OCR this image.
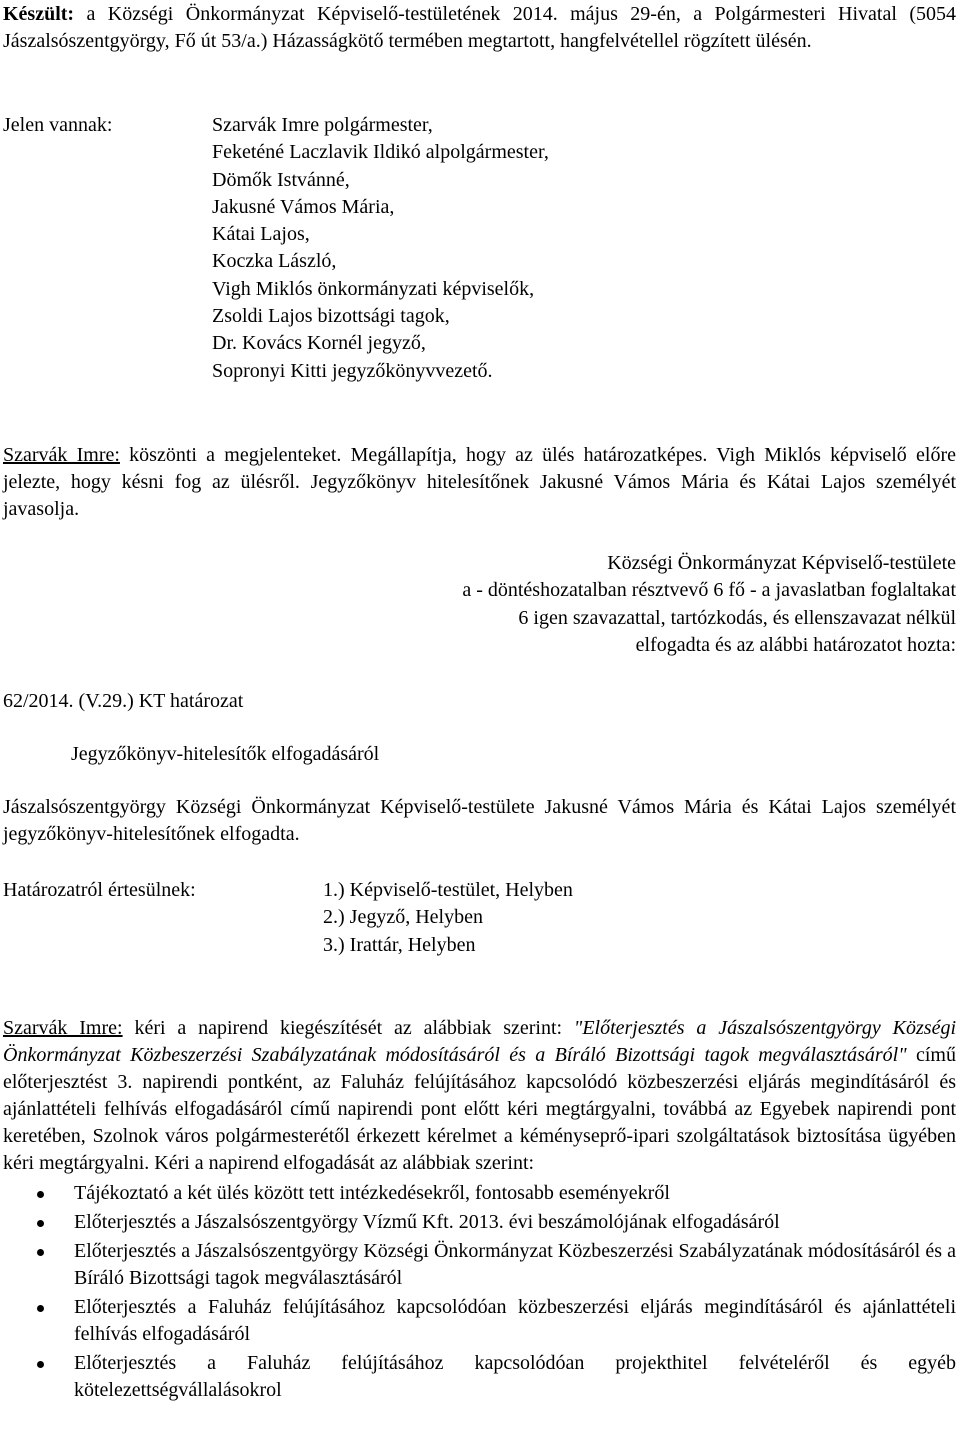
Készült: a Községi Önkormányzat Képviselő-testületének 2014. május 29-én, a Polgármesteri Hivatal (5054 Jászalsószentgyörgy, Fő út 53/a.) Házasságkötő termében megtartott, hangfelvétellel rögzített ülésén.

Jelen vannak:	Szarvák Imre polgármester,
Feketéné Laczlavik Ildikó alpolgármester,
Dömők Istvánné,
Jakusné Vámos Mária,
Kátai Lajos,
Koczka László,
Vigh Miklós önkormányzati képviselők,
Zsoldi Lajos bizottsági tagok,
Dr. Kovács Kornél jegyző,
Sopronyi Kitti jegyzőkönyvvezető.

Szarvák Imre: köszönti a megjelenteket. Megállapítja, hogy az ülés határozatképes. Vigh Miklós képviselő előre jelezte, hogy késni fog az ülésről. Jegyzőkönyv hitelesítőnek Jakusné Vámos Mária és Kátai Lajos személyét javasolja.

Községi Önkormányzat Képviselő-testülete
a - döntéshozatalban résztvevő 6 fő - a javaslatban foglaltakat
6 igen szavazattal, tartózkodás, és ellenszavazat nélkül
elfogadta és az alábbi határozatot hozta:
62/2014. (V.29.) KT határozat
Jegyzőkönyv-hitelesítők elfogadásáról

Jászalsószentgyörgy Községi Önkormányzat Képviselő-testülete Jakusné Vámos Mária és Kátai Lajos személyét jegyzőkönyv-hitelesítőnek elfogadta.

Határozatról értesülnek:	1.) Képviselő-testület, Helyben
2.) Jegyző, Helyben
3.) Irattár, Helyben

Szarvák Imre: kéri a napirend kiegészítését az alábbiak szerint: "Előterjesztés a Jászalsószentgyörgy Községi Önkormányzat Közbeszerzési Szabályzatának módosításáról és a Bíráló Bizottsági tagok megválasztásáról" című előterjesztést 3. napirendi pontként, az Faluház felújításához kapcsolódó közbeszerzési eljárás megindításáról és ajánlattételi felhívás elfogadásáról című napirendi pont előtt kéri megtárgyalni, továbbá az Egyebek napirendi pont keretében, Szolnok város polgármesterétől érkezett kérelmet a kéményseprő-ipari szolgáltatások biztosítása ügyében kéri megtárgyalni. Kéri a napirend elfogadását az alábbiak szerint:

Tájékoztató a két ülés között tett intézkedésekről, fontosabb eseményekről
Előterjesztés a Jászalsószentgyörgy Vízmű Kft. 2013. évi beszámolójának elfogadásáról
Előterjesztés a Jászalsószentgyörgy Községi Önkormányzat Közbeszerzési Szabályzatának módosításáról és a Bíráló Bizottsági tagok megválasztásáról
Előterjesztés a Faluház felújításához kapcsolódóan közbeszerzési eljárás megindításáról és ajánlattételi felhívás elfogadásáról
Előterjesztés a Faluház felújításához kapcsolódóan projekthitel felvételéről és egyéb kötelezettségvállalásokrol
